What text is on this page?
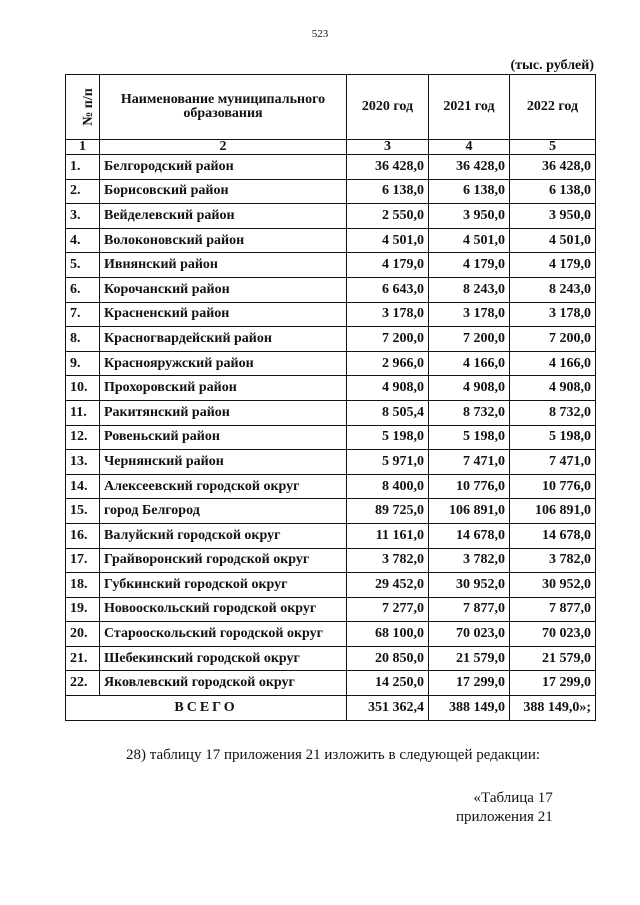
523
(тыс. рублей)
№ п/п	Наименование муниципального образования	2020 год	2021 год	2022 год
1	2	3	4	5
1.	Белгородский район	36 428,0	36 428,0	36 428,0
2.	Борисовский район	6 138,0	6 138,0	6 138,0
3.	Вейделевский район	2 550,0	3 950,0	3 950,0
4.	Волоконовский район	4 501,0	4 501,0	4 501,0
5.	Ивнянский район	4 179,0	4 179,0	4 179,0
6.	Корочанский район	6 643,0	8 243,0	8 243,0
7.	Красненский район	3 178,0	3 178,0	3 178,0
8.	Красногвардейский район	7 200,0	7 200,0	7 200,0
9.	Краснояружский район	2 966,0	4 166,0	4 166,0
10.	Прохоровский район	4 908,0	4 908,0	4 908,0
11.	Ракитянский район	8 505,4	8 732,0	8 732,0
12.	Ровеньский район	5 198,0	5 198,0	5 198,0
13.	Чернянский район	5 971,0	7 471,0	7 471,0
14.	Алексеевский городской округ	8 400,0	10 776,0	10 776,0
15.	город Белгород	89 725,0	106 891,0	106 891,0
16.	Валуйский городской округ	11 161,0	14 678,0	14 678,0
17.	Грайворонский городской округ	3 782,0	3 782,0	3 782,0
18.	Губкинский городской округ	29 452,0	30 952,0	30 952,0
19.	Новооскольский городской округ	7 277,0	7 877,0	7 877,0
20.	Старооскольский городской округ	68 100,0	70 023,0	70 023,0
21.	Шебекинский городской округ	20 850,0	21 579,0	21 579,0
22.	Яковлевский городской округ	14 250,0	17 299,0	17 299,0
ВСЕГО		351 362,4	388 149,0	388 149,0»;
28) таблицу 17 приложения 21 изложить в следующей редакции:
«Таблица 17
приложения 21
